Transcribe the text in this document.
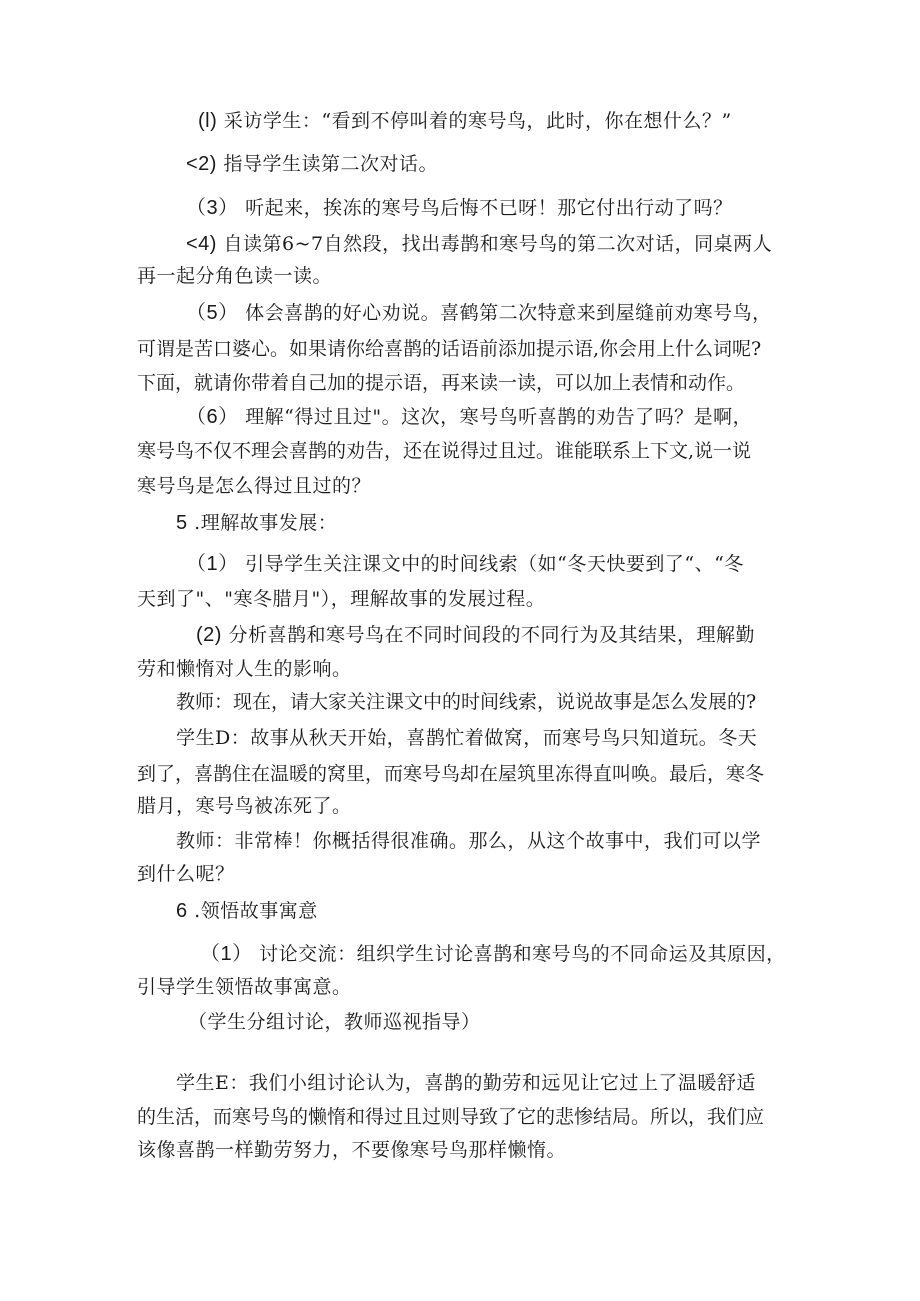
(l) 采访学生：“看到不停叫着的寒号鸟，此时，你在想什么？”
<2) 指导学生读第二次对话。
（3） 听起来，挨冻的寒号鸟后悔不已呀！那它付出行动了吗？
<4) 自读第6~7自然段，找出毒鹊和寒号鸟的第二次对话，同桌两人
再一起分角色读一读。
（5） 体会喜鹊的好心劝说。喜鹤第二次特意来到屋缝前劝寒号鸟，
可谓是苦口婆心。如果请你给喜鹊的话语前添加提示语,你会用上什么词呢?
下面，就请你带着自己加的提示语，再来读一读，可以加上表情和动作。
（6） 理解“得过且过"。这次，寒号鸟听喜鹊的劝告了吗？是啊，
寒号鸟不仅不理会喜鹊的劝告，还在说得过且过。谁能联系上下文,说一说
寒号鸟是怎么得过且过的？
5 .理解故事发展：
（1） 引导学生关注课文中的时间线索（如“冬天快要到了“、“冬
天到了"、"寒冬腊月"），理解故事的发展过程。
(2) 分析喜鹊和寒号鸟在不同时间段的不同行为及其结果，理解勤
劳和懒惰对人生的影响。
教师：现在，请大家关注课文中的时间线索，说说故事是怎么发展的?
学生D：故事从秋天开始，喜鹊忙着做窝，而寒号鸟只知道玩。冬天
到了，喜鹊住在温暖的窝里，而寒号鸟却在屋筑里冻得直叫唤。最后，寒冬
腊月，寒号鸟被冻死了。
教师：非常棒！你概括得很准确。那么，从这个故事中，我们可以学
到什么呢？
6 .领悟故事寓意
（1） 讨论交流：组织学生讨论喜鹊和寒号鸟的不同命运及其原因，
引导学生领悟故事寓意。
（学生分组讨论，教师巡视指导）
学生E：我们小组讨论认为，喜鹊的勤劳和远见让它过上了温暖舒适
的生活，而寒号鸟的懒惰和得过且过则导致了它的悲惨结局。所以，我们应
该像喜鹊一样勤劳努力，不要像寒号鸟那样懒惰。
